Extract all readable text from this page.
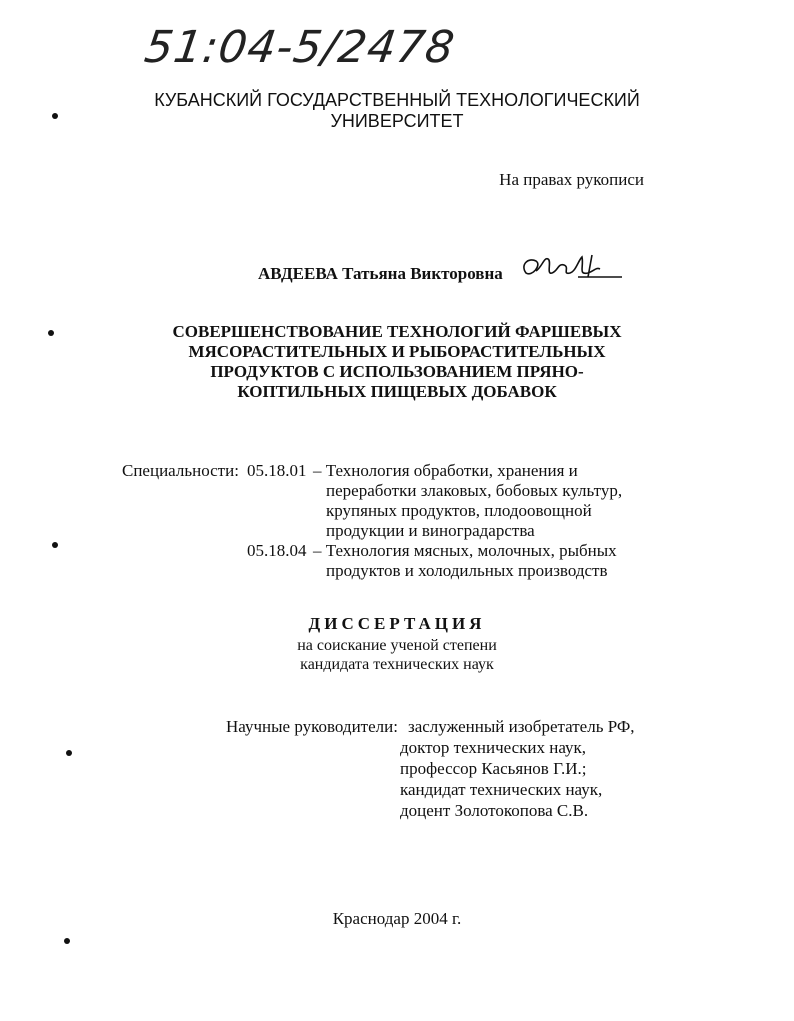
51:04-5/2478
КУБАНСКИЙ ГОСУДАРСТВЕННЫЙ ТЕХНОЛОГИЧЕСКИЙ
УНИВЕРСИТЕТ
На правах рукописи
АВДЕЕВА Татьяна Викторовна
СОВЕРШЕНСТВОВАНИЕ ТЕХНОЛОГИЙ ФАРШЕВЫХ
МЯСОРАСТИТЕЛЬНЫХ И РЫБОРАСТИТЕЛЬНЫХ
ПРОДУКТОВ С ИСПОЛЬЗОВАНИЕМ ПРЯНО-
КОПТИЛЬНЫХ ПИЩЕВЫХ ДОБАВОК
Специальности: 05.18.01 – Технология обработки, хранения и
переработки злаковых, бобовых культур,
крупяных продуктов, плодоовощной
продукции и виноградарства
05.18.04 – Технология мясных, молочных, рыбных
продуктов и холодильных производств
ДИССЕРТАЦИЯ
на соискание ученой степени
кандидата технических наук
Научные руководители: заслуженный изобретатель РФ,
доктор технических наук,
профессор Касьянов Г.И.;
кандидат технических наук,
доцент Золотокопова С.В.
Краснодар 2004 г.
